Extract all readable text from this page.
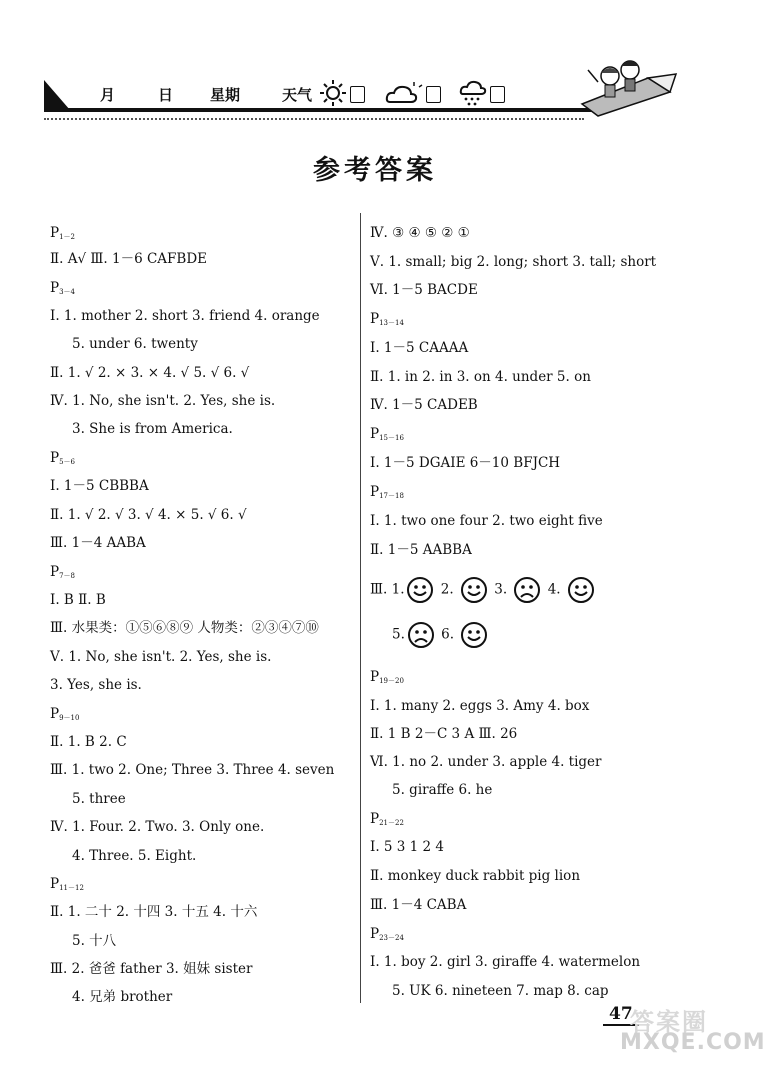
月	日 星期	天气
参考答案
$P_{1-2}$
Ⅱ. A√ Ⅲ. 1－6 CAFBDE
$P_{3-4}$
Ⅰ. 1. mother 2. short 3. friend 4. orange
5. under 6. twenty
Ⅱ. 1. √ 2. × 3. × 4. √ 5. √ 6. √
Ⅳ. 1. No, she isn't. 2. Yes, she is.
3. She is from America.
$P_{5-6}$
Ⅰ. 1－5 CBBBA
Ⅱ. 1. √ 2. √ 3. √ 4. × 5. √ 6. √
Ⅲ. 1－4 AABA
$P_{7-8}$
Ⅰ. B Ⅱ. B
Ⅲ. 水果类：①⑤⑥⑧⑨ 人物类：②③④⑦⑩
Ⅴ. 1. No, she isn't. 2. Yes, she is.
3. Yes, she is.
$P_{9-10}$
Ⅱ. 1. B 2. C
Ⅲ. 1. two 2. One; Three 3. Three 4. seven
5. three
Ⅳ. 1. Four. 2. Two. 3. Only one.
4. Three. 5. Eight.
$P_{11-12}$
Ⅱ. 1. 二十 2. 十四 3. 十五 4. 十六
5. 十八
Ⅲ. 2. 爸爸 father 3. 姐妹 sister
4. 兄弟 brother
Ⅳ. ③ ④ ⑤ ② ①
Ⅴ. 1. small; big 2. long; short 3. tall; short
Ⅵ. 1－5 BACDE
$P_{13-14}$
Ⅰ. 1－5 CAAAA
Ⅱ. 1. in 2. in 3. on 4. under 5. on
Ⅳ. 1－5 CADEB
$P_{15-16}$
Ⅰ. 1－5 DGAIE 6－10 BFJCH
$P_{17-18}$
Ⅰ. 1. two one four 2. two eight five
Ⅱ. 1－5 AABBA
Ⅲ. 1. 2.  3.  4.
5. 6.
$P_{19-20}$
Ⅰ. 1. many 2. eggs 3. Amy 4. box
Ⅱ. 1 B 2－C 3 A Ⅲ. 26
Ⅵ. 1. no 2. under 3. apple 4. tiger
5. giraffe 6. he
$P_{21-22}$
Ⅰ. 5 3 1 2 4
Ⅱ. monkey duck rabbit pig lion
Ⅲ. 1－4 CABA
$P_{23-24}$
Ⅰ. 1. boy 2. girl 3. giraffe 4. watermelon
5. UK 6. nineteen 7. map 8. cap
47
答案圈
MXQE.COM
